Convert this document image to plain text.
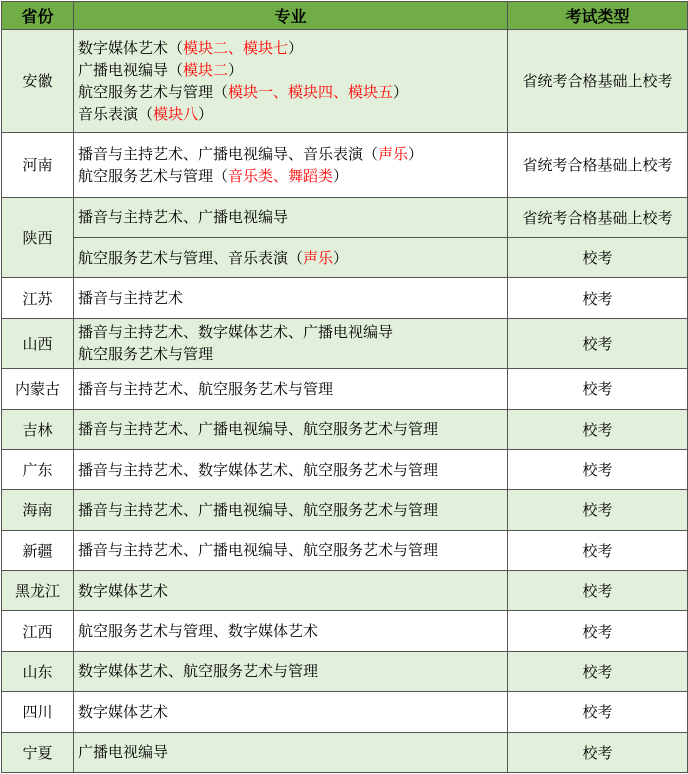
省份	专业	考试类型
安徽	数字媒体艺术（模块二、模块七）
广播电视编导（模块二）
航空服务艺术与管理（模块一、模块四、模块五）
音乐表演（模块八）	省统考合格基础上校考
河南	播音与主持艺术、广播电视编导、音乐表演（声乐）
航空服务艺术与管理（音乐类、舞蹈类）	省统考合格基础上校考
陕西	播音与主持艺术、广播电视编导	省统考合格基础上校考

	航空服务艺术与管理、音乐表演（声乐）	校考
江苏	播音与主持艺术	校考
山西	播音与主持艺术、数字媒体艺术、广播电视编导
航空服务艺术与管理	校考
内蒙古	播音与主持艺术、航空服务艺术与管理	校考
吉林	播音与主持艺术、广播电视编导、航空服务艺术与管理	校考
广东	播音与主持艺术、数字媒体艺术、航空服务艺术与管理	校考
海南	播音与主持艺术、广播电视编导、航空服务艺术与管理	校考
新疆	播音与主持艺术、广播电视编导、航空服务艺术与管理	校考
黑龙江	数字媒体艺术	校考
江西	航空服务艺术与管理、数字媒体艺术	校考
山东	数字媒体艺术、航空服务艺术与管理	校考
四川	数字媒体艺术	校考
宁夏	广播电视编导	校考
